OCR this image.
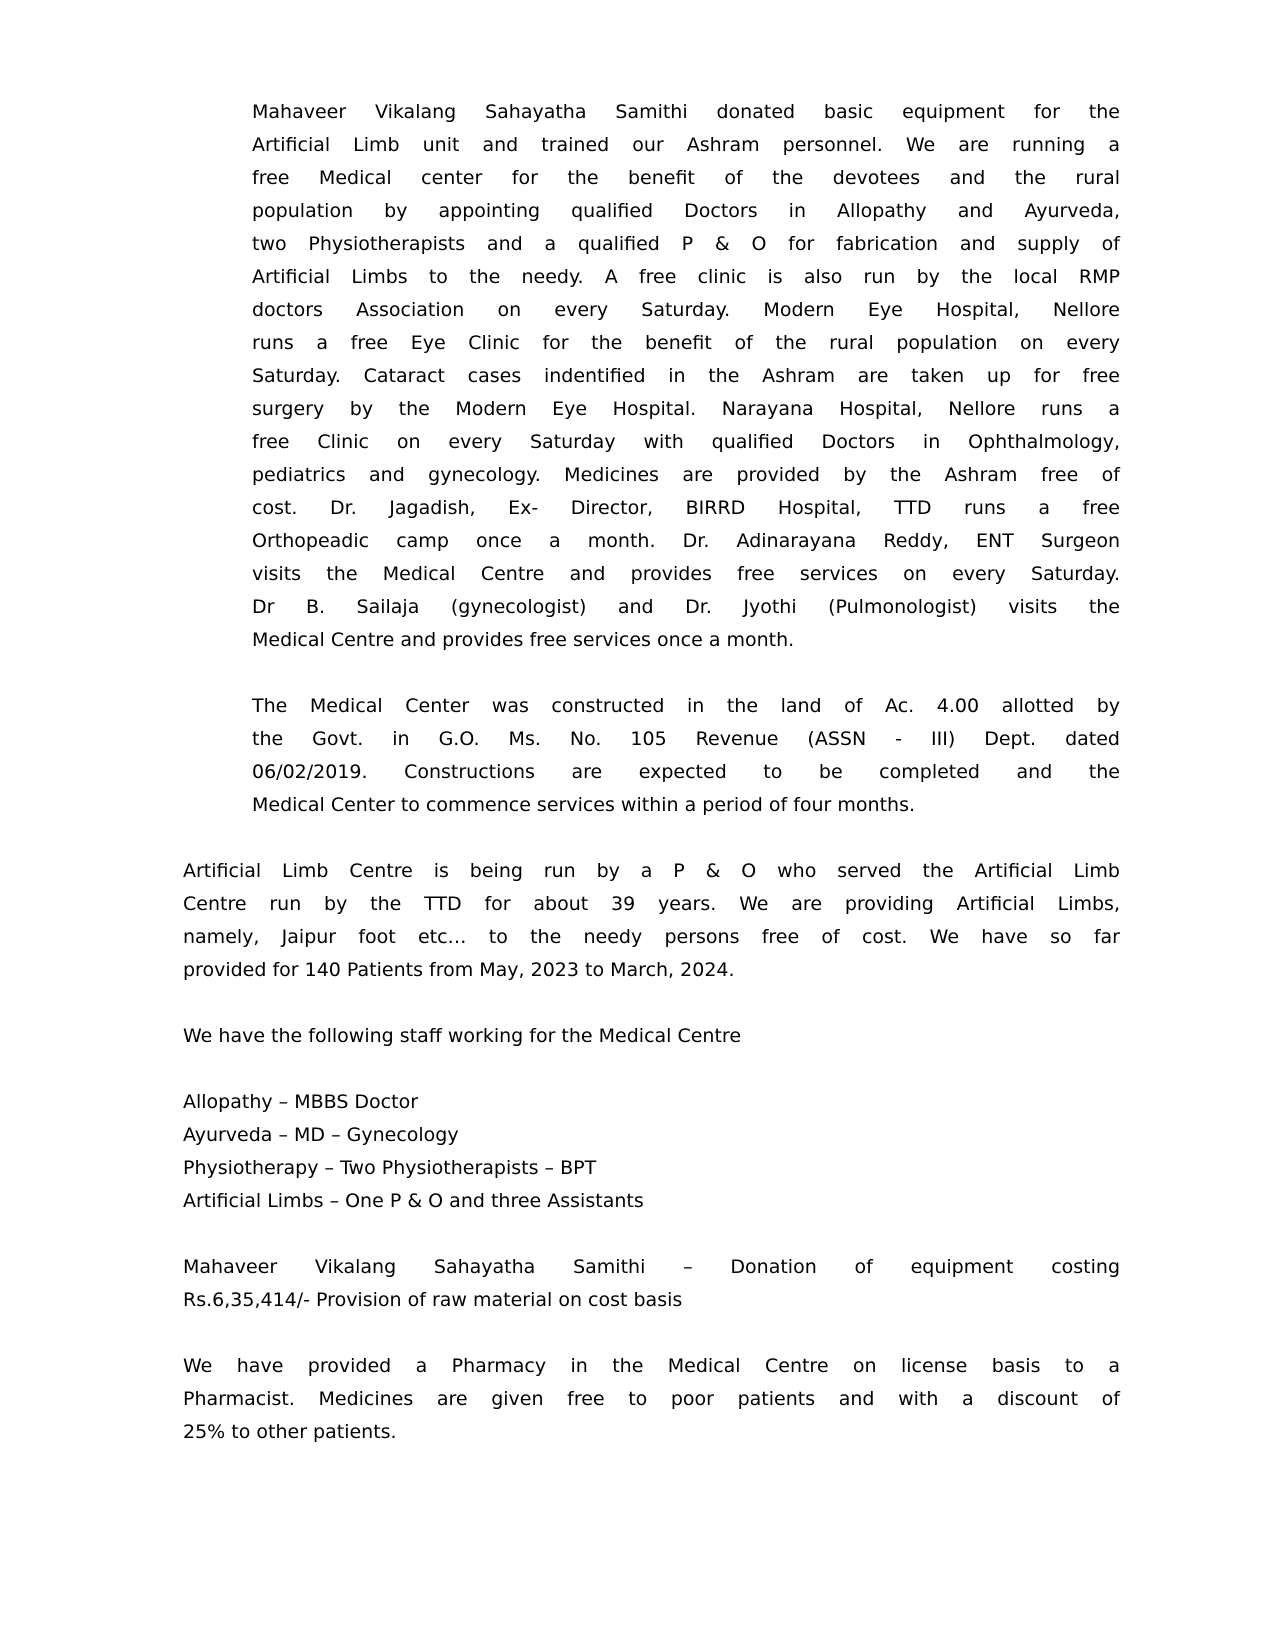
Mahaveer Vikalang Sahayatha Samithi donated basic equipment for the
Artificial Limb unit and trained our Ashram personnel. We are running a
free Medical center for the benefit of the devotees and the rural
population by appointing qualified Doctors in Allopathy and Ayurveda,
two Physiotherapists and a qualified P & O for fabrication and supply of
Artificial Limbs to the needy. A free clinic is also run by the local RMP
doctors Association on every Saturday. Modern Eye Hospital, Nellore
runs a free Eye Clinic for the benefit of the rural population on every
Saturday. Cataract cases indentified in the Ashram are taken up for free
surgery by the Modern Eye Hospital. Narayana Hospital, Nellore runs a
free Clinic on every Saturday with qualified Doctors in Ophthalmology,
pediatrics and gynecology. Medicines are provided by the Ashram free of
cost. Dr. Jagadish, Ex- Director, BIRRD Hospital, TTD runs a free
Orthopeadic camp once a month. Dr. Adinarayana Reddy, ENT Surgeon
visits the Medical Centre and provides free services on every Saturday.
Dr B. Sailaja (gynecologist) and Dr. Jyothi (Pulmonologist) visits the
Medical Centre and provides free services once a month.
The Medical Center was constructed in the land of Ac. 4.00 allotted by
the Govt. in G.O. Ms. No. 105 Revenue (ASSN - III) Dept. dated
06/02/2019. Constructions are expected to be completed and the
Medical Center to commence services within a period of four months.
Artificial Limb Centre is being run by a P & O who served the Artificial Limb
Centre run by the TTD for about 39 years. We are providing Artificial Limbs,
namely, Jaipur foot etc… to the needy persons free of cost. We have so far
provided for 140 Patients from May, 2023 to March, 2024.
We have the following staff working for the Medical Centre
Allopathy – MBBS Doctor
Ayurveda – MD – Gynecology
Physiotherapy – Two Physiotherapists – BPT
Artificial Limbs – One P & O and three Assistants
Mahaveer Vikalang Sahayatha Samithi – Donation of equipment costing
Rs.6,35,414/- Provision of raw material on cost basis
We have provided a Pharmacy in the Medical Centre on license basis to a
Pharmacist. Medicines are given free to poor patients and with a discount of
25% to other patients.
